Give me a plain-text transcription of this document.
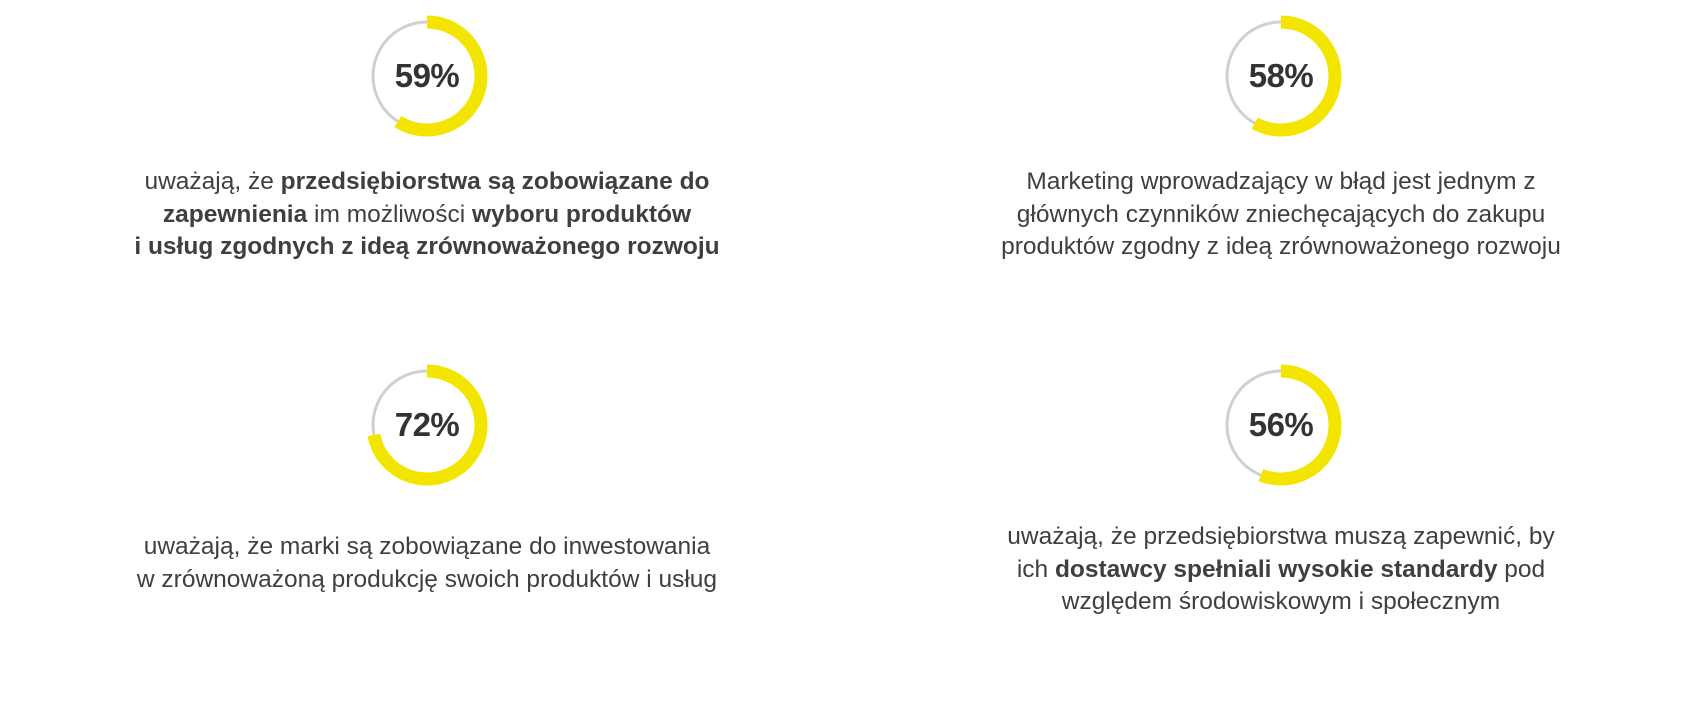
59%
uważają, że przedsiębiorstwa są zobowiązane do
zapewnienia im możliwości wyboru produktów
i usług zgodnych z ideą zrównoważonego rozwoju
58%
Marketing wprowadzający w błąd jest jednym z
głównych czynników zniechęcających do zakupu
produktów zgodny z ideą zrównoważonego rozwoju
72%
uważają, że marki są zobowiązane do inwestowania
w zrównoważoną produkcję swoich produktów i usług
56%
uważają, że przedsiębiorstwa muszą zapewnić, by
ich dostawcy spełniali wysokie standardy pod
względem środowiskowym i społecznym
